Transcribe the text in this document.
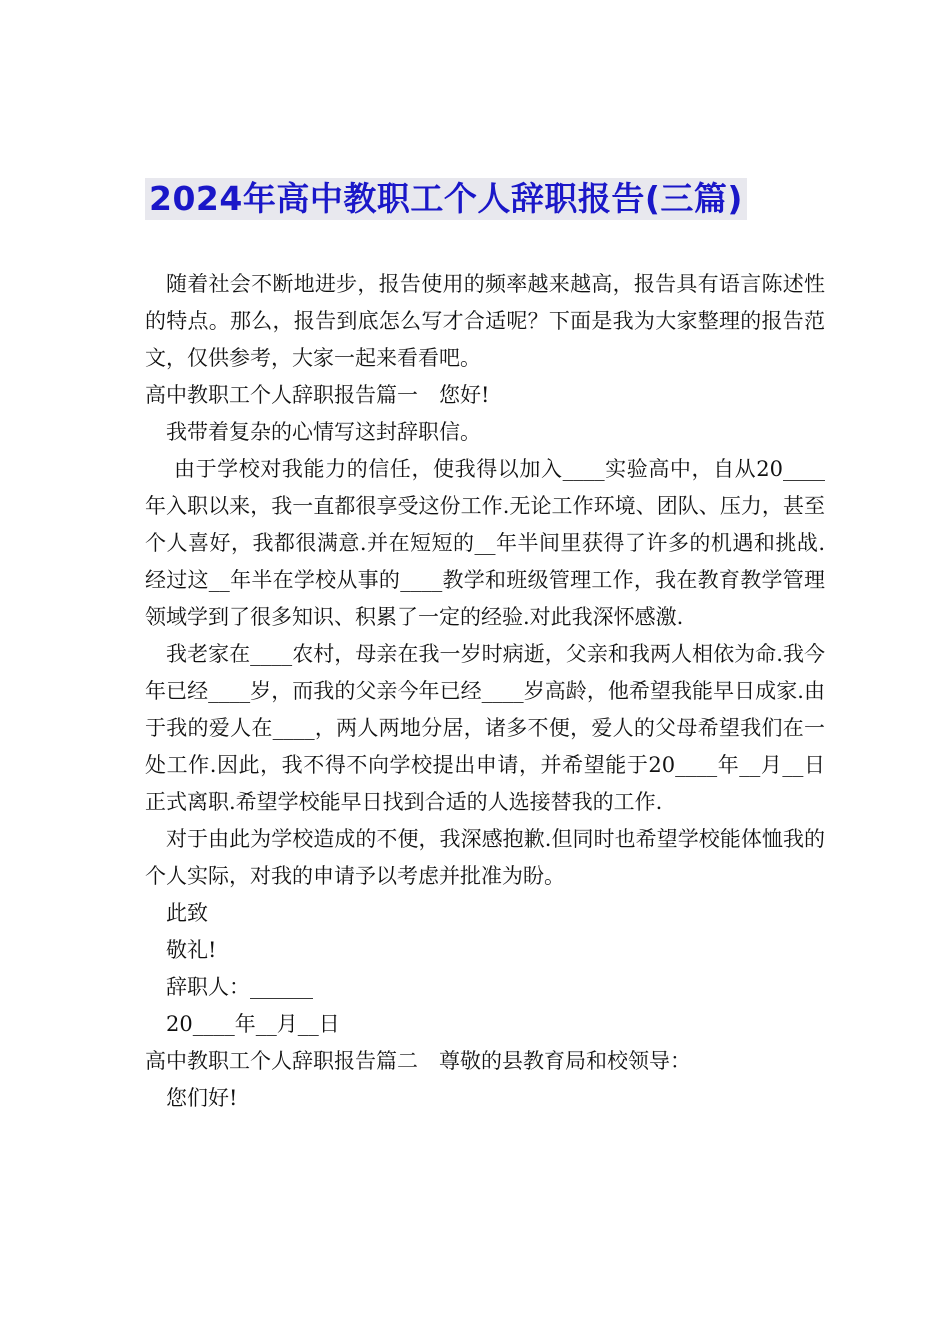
2024年高中教职工个人辞职报告(三篇)

随着社会不断地进步，报告使用的频率越来越高，报告具有语言陈述性的特点。那么，报告到底怎么写才合适呢？下面是我为大家整理的报告范文，仅供参考，大家一起来看看吧。

高中教职工个人辞职报告篇一　您好!

我带着复杂的心情写这封辞职信。

由于学校对我能力的信任，使我得以加入____实验高中，自从20____年入职以来，我一直都很享受这份工作.无论工作环境、团队、压力，甚至个人喜好，我都很满意.并在短短的__年半间里获得了许多的机遇和挑战.经过这__年半在学校从事的____教学和班级管理工作，我在教育教学管理领域学到了很多知识、积累了一定的经验.对此我深怀感激.

我老家在____农村，母亲在我一岁时病逝，父亲和我两人相依为命.我今年已经____岁，而我的父亲今年已经____岁高龄，他希望我能早日成家.由于我的爱人在____，两人两地分居，诸多不便，爱人的父母希望我们在一处工作.因此，我不得不向学校提出申请，并希望能于20____年__月__日正式离职.希望学校能早日找到合适的人选接替我的工作.

对于由此为学校造成的不便，我深感抱歉.但同时也希望学校能体恤我的个人实际，对我的申请予以考虑并批准为盼。

此致

敬礼!

辞职人：______

20____年__月__日

高中教职工个人辞职报告篇二　尊敬的县教育局和校领导：

您们好!
